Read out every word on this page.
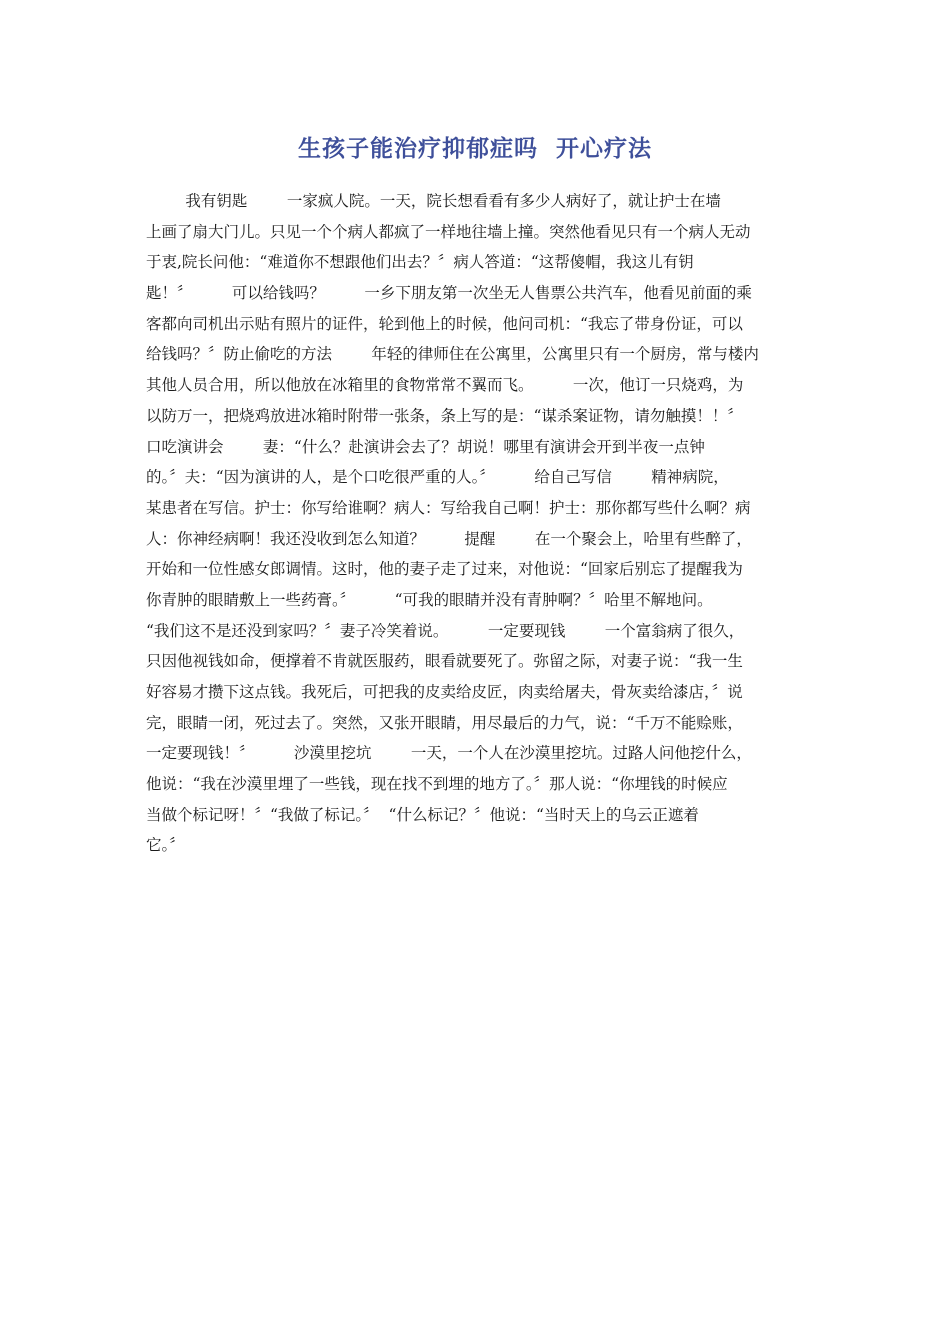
生孩子能治疗抑郁症吗  开心疗法
我有钥匙        一家疯人院。一天，院长想看看有多少人病好了，就让护士在墙
上画了扇大门儿。只见一个个病人都疯了一样地往墙上撞。突然他看见只有一个病人无动
于衷,院长问他：“难道你不想跟他们出去？〞病人答道：“这帮傻帽，我这儿有钥
匙！〞        可以给钱吗？        一乡下朋友第一次坐无人售票公共汽车，他看见前面的乘
客都向司机出示贴有照片的证件，轮到他上的时候，他问司机：“我忘了带身份证，可以
给钱吗？〞防止偷吃的方法        年轻的律师住在公寓里，公寓里只有一个厨房，常与楼内
其他人员合用，所以他放在冰箱里的食物常常不翼而飞。        一次，他订一只烧鸡，为
以防万一，把烧鸡放进冰箱时附带一张条，条上写的是：“谋杀案证物，请勿触摸！！〞
口吃演讲会        妻：“什么？赴演讲会去了？胡说！哪里有演讲会开到半夜一点钟
的。〞夫：“因为演讲的人，是个口吃很严重的人。〞        给自己写信        精神病院，
某患者在写信。护士：你写给谁啊？病人：写给我自己啊！护士：那你都写些什么啊？病
人：你神经病啊！我还没收到怎么知道？        提醒        在一个聚会上，哈里有些醉了，
开始和一位性感女郎调情。这时，他的妻子走了过来，对他说：“回家后别忘了提醒我为
你青肿的眼睛敷上一些药膏。〞        “可我的眼睛并没有青肿啊？〞哈里不解地问。
“我们这不是还没到家吗？〞妻子冷笑着说。        一定要现钱        一个富翁病了很久，
只因他视钱如命，便撑着不肯就医服药，眼看就要死了。弥留之际，对妻子说：“我一生
好容易才攒下这点钱。我死后，可把我的皮卖给皮匠，肉卖给屠夫，骨灰卖给漆店，〞说
完，眼睛一闭，死过去了。突然，又张开眼睛，用尽最后的力气，说：“千万不能赊账，
一定要现钱！〞        沙漠里挖坑        一天，一个人在沙漠里挖坑。过路人问他挖什么，
他说：“我在沙漠里埋了一些钱，现在找不到埋的地方了。〞那人说：“你埋钱的时候应
当做个标记呀！〞“我做了标记。〞  “什么标记？〞他说：“当时天上的乌云正遮着
它。〞
